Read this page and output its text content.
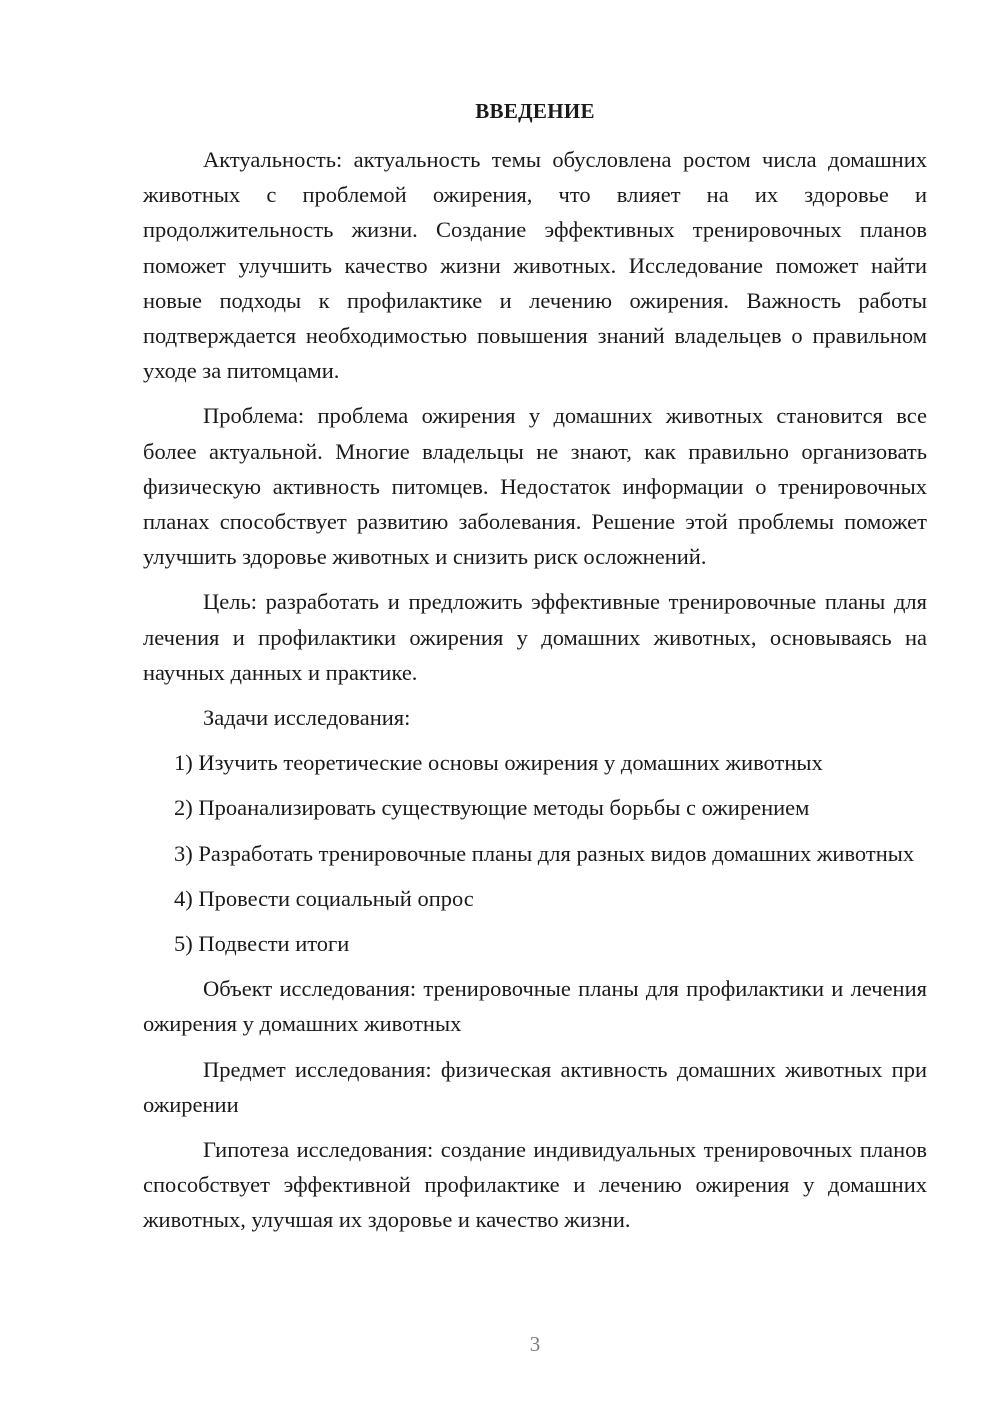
ВВЕДЕНИЕ

Актуальность: актуальность темы обусловлена ростом числа домашних животных с проблемой ожирения, что влияет на их здоровье и продолжительность жизни. Создание эффективных тренировочных планов поможет улучшить качество жизни животных. Исследование поможет найти новые подходы к профилактике и лечению ожирения. Важность работы подтверждается необходимостью повышения знаний владельцев о правильном уходе за питомцами.

Проблема: проблема ожирения у домашних животных становится все более актуальной. Многие владельцы не знают, как правильно организовать физическую активность питомцев. Недостаток информации о тренировочных планах способствует развитию заболевания. Решение этой проблемы поможет улучшить здоровье животных и снизить риск осложнений.

Цель: разработать и предложить эффективные тренировочные планы для лечения и профилактики ожирения у домашних животных, основываясь на научных данных и практике.

Задачи исследования:

1) Изучить теоретические основы ожирения у домашних животных

2) Проанализировать существующие методы борьбы с ожирением

3) Разработать тренировочные планы для разных видов домашних животных

4) Провести социальный опрос

5) Подвести итоги

Объект исследования: тренировочные планы для профилактики и лечения ожирения у домашних животных

Предмет исследования: физическая активность домашних животных при ожирении

Гипотеза исследования: создание индивидуальных тренировочных планов способствует эффективной профилактике и лечению ожирения у домашних животных, улучшая их здоровье и качество жизни.

3
